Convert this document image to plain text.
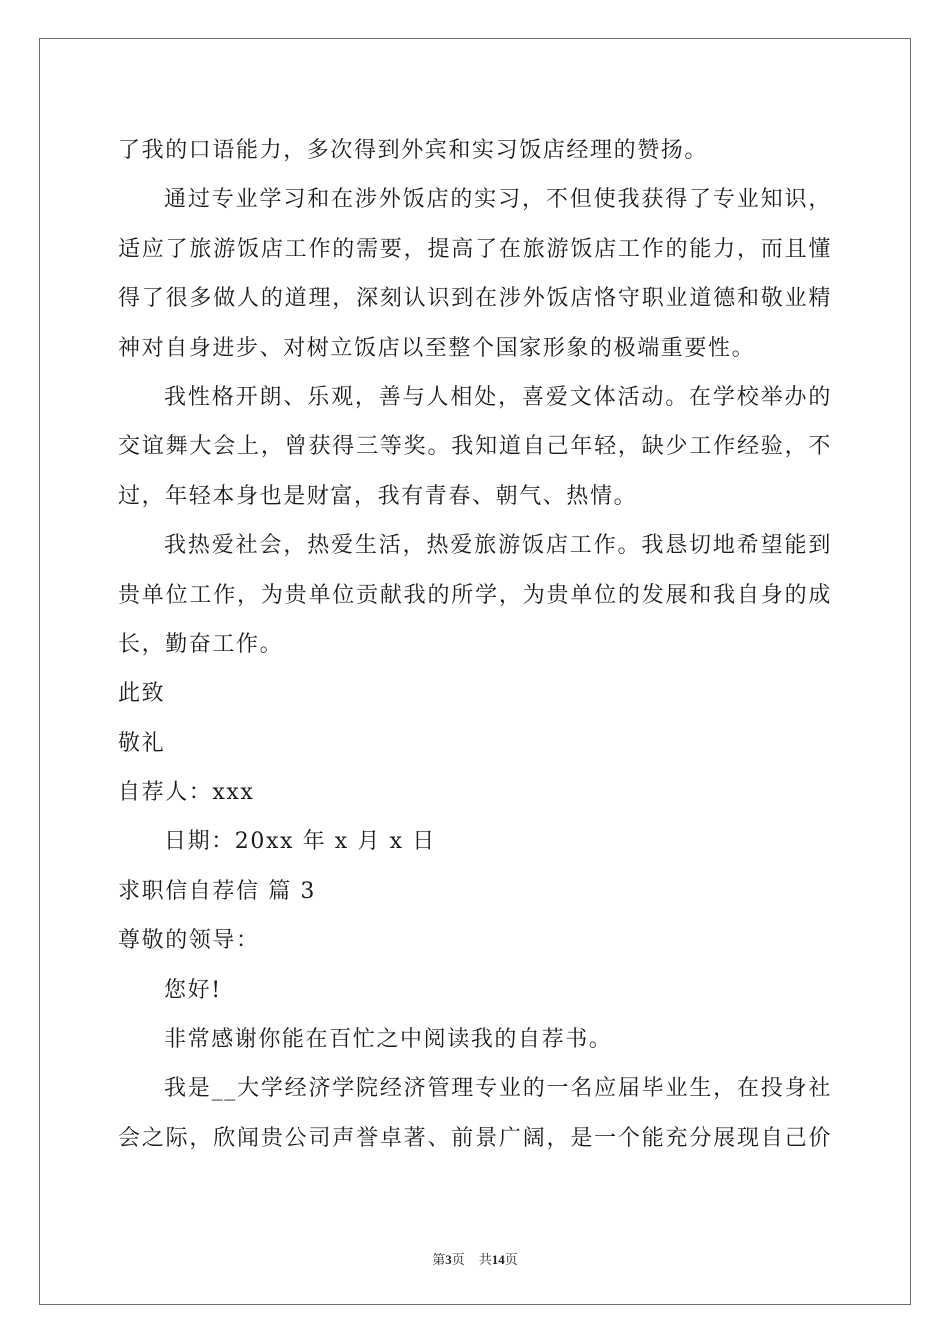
了我的口语能力，多次得到外宾和实习饭店经理的赞扬。
通过专业学习和在涉外饭店的实习，不但使我获得了专业知识，
适应了旅游饭店工作的需要，提高了在旅游饭店工作的能力，而且懂
得了很多做人的道理，深刻认识到在涉外饭店恪守职业道德和敬业精
神对自身进步、对树立饭店以至整个国家形象的极端重要性。
我性格开朗、乐观，善与人相处，喜爱文体活动。在学校举办的
交谊舞大会上，曾获得三等奖。我知道自己年轻，缺少工作经验，不
过，年轻本身也是财富，我有青春、朝气、热情。
我热爱社会，热爱生活，热爱旅游饭店工作。我恳切地希望能到
贵单位工作，为贵单位贡献我的所学，为贵单位的发展和我自身的成
长，勤奋工作。
此致
敬礼
自荐人：xxx
日期：20xx 年 x 月 x 日
求职信自荐信 篇 3
尊敬的领导：
您好!
非常感谢你能在百忙之中阅读我的自荐书。
我是__大学经济学院经济管理专业的一名应届毕业生，在投身社
会之际，欣闻贵公司声誉卓著、前景广阔，是一个能充分展现自己价
第3页 共14页
